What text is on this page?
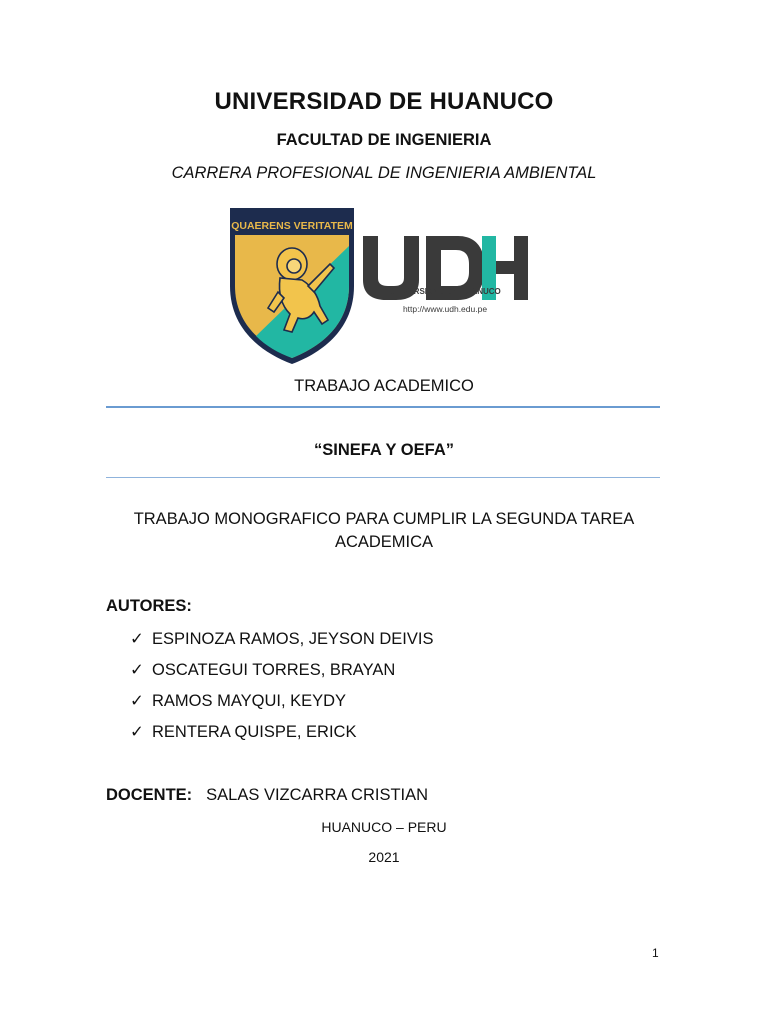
UNIVERSIDAD DE HUANUCO
FACULTAD DE INGENIERIA
CARRERA PROFESIONAL DE INGENIERIA AMBIENTAL
QUAERENS VERITATEM
UNIVERSIDAD DE HUANUCO
http://www.udh.edu.pe
TRABAJO ACADEMICO
“SINEFA Y OEFA”
TRABAJO MONOGRAFICO PARA CUMPLIR LA SEGUNDA TAREA ACADEMICA
AUTORES:
✓ ESPINOZA RAMOS, JEYSON DEIVIS
✓ OSCATEGUI TORRES, BRAYAN
✓ RAMOS MAYQUI, KEYDY
✓ RENTERA QUISPE, ERICK
DOCENTE: SALAS VIZCARRA CRISTIAN
HUANUCO – PERU
2021
1
